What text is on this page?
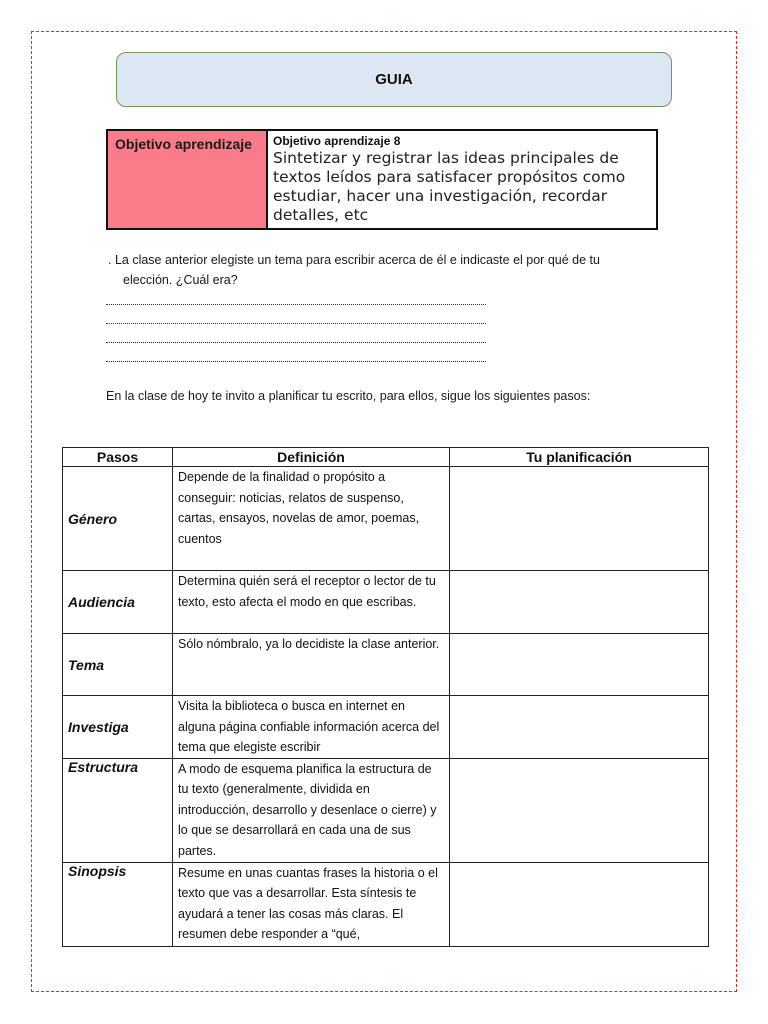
GUIA
Objetivo aprendizaje	Objetivo aprendizaje 8
Sintetizar y registrar las ideas principales de textos leídos para satisfacer propósitos como estudiar, hacer una investigación, recordar detalles, etc
. La clase anterior elegiste un tema para escribir acerca de él e indicaste el por qué de tu
elección. ¿Cuál era?
En la clase de hoy te invito a planificar tu escrito, para ellos, sigue los siguientes pasos:
Pasos	Definición	Tu planificación
Género	Depende de la finalidad o propósito a conseguir: noticias, relatos de suspenso, cartas, ensayos, novelas de amor, poemas, cuentos	
Audiencia	Determina quién será el receptor o lector de tu texto, esto afecta el modo en que escribas.	
Tema	Sólo nómbralo, ya lo decidiste la clase anterior.	
Investiga	Visita la biblioteca o busca en internet en alguna página confiable información acerca del tema que elegiste escribir	
Estructura	A modo de esquema planifica la estructura de tu texto (generalmente, dividida en introducción, desarrollo y desenlace o cierre) y lo que se desarrollará en cada una de sus partes.	
Sinopsis	Resume en unas cuantas frases la historia o el texto que vas a desarrollar. Esta síntesis te ayudará a tener las cosas más claras. El resumen debe responder a “qué,	
